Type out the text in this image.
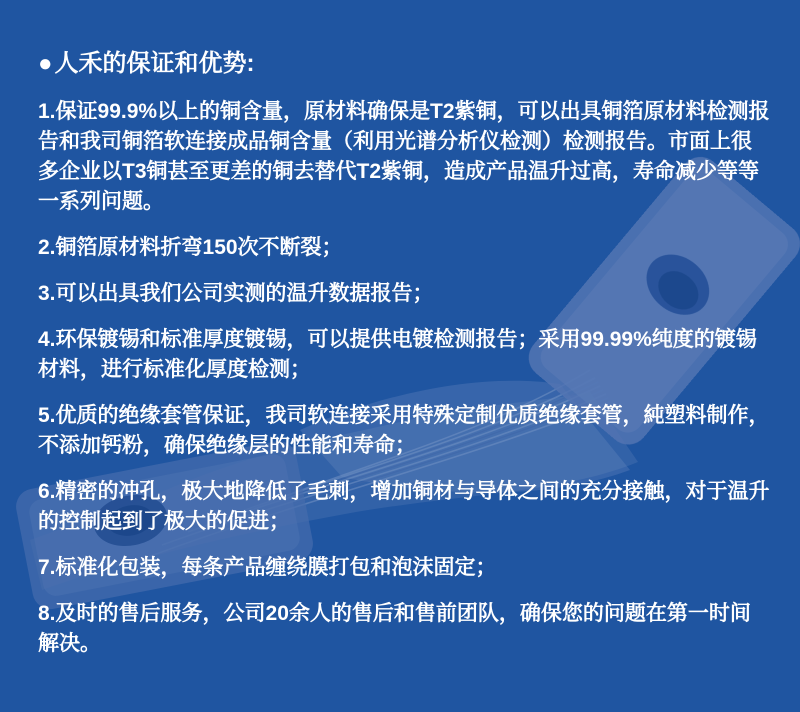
●人禾的保证和优势:

1.保证99.9%以上的铜含量，原材料确保是T2紫铜，可以出具铜箔原材料检测报告和我司铜箔软连接成品铜含量（利用光谱分析仪检测）检测报告。市面上很多企业以T3铜甚至更差的铜去替代T2紫铜，造成产品温升过高，寿命减少等等一系列问题。

2.铜箔原材料折弯150次不断裂；

3.可以出具我们公司实测的温升数据报告；

4.环保镀锡和标准厚度镀锡，可以提供电镀检测报告；采用99.99%纯度的镀锡材料，进行标准化厚度检测；

5.优质的绝缘套管保证，我司软连接采用特殊定制优质绝缘套管，純塑料制作，不添加钙粉，确保绝缘层的性能和寿命；

6.精密的冲孔，极大地降低了毛刺，增加铜材与导体之间的充分接触，对于温升的控制起到了极大的促进；

7.标准化包装，每条产品缠绕膜打包和泡沫固定；

8.及时的售后服务，公司20余人的售后和售前团队，确保您的问题在第一时间解决。
